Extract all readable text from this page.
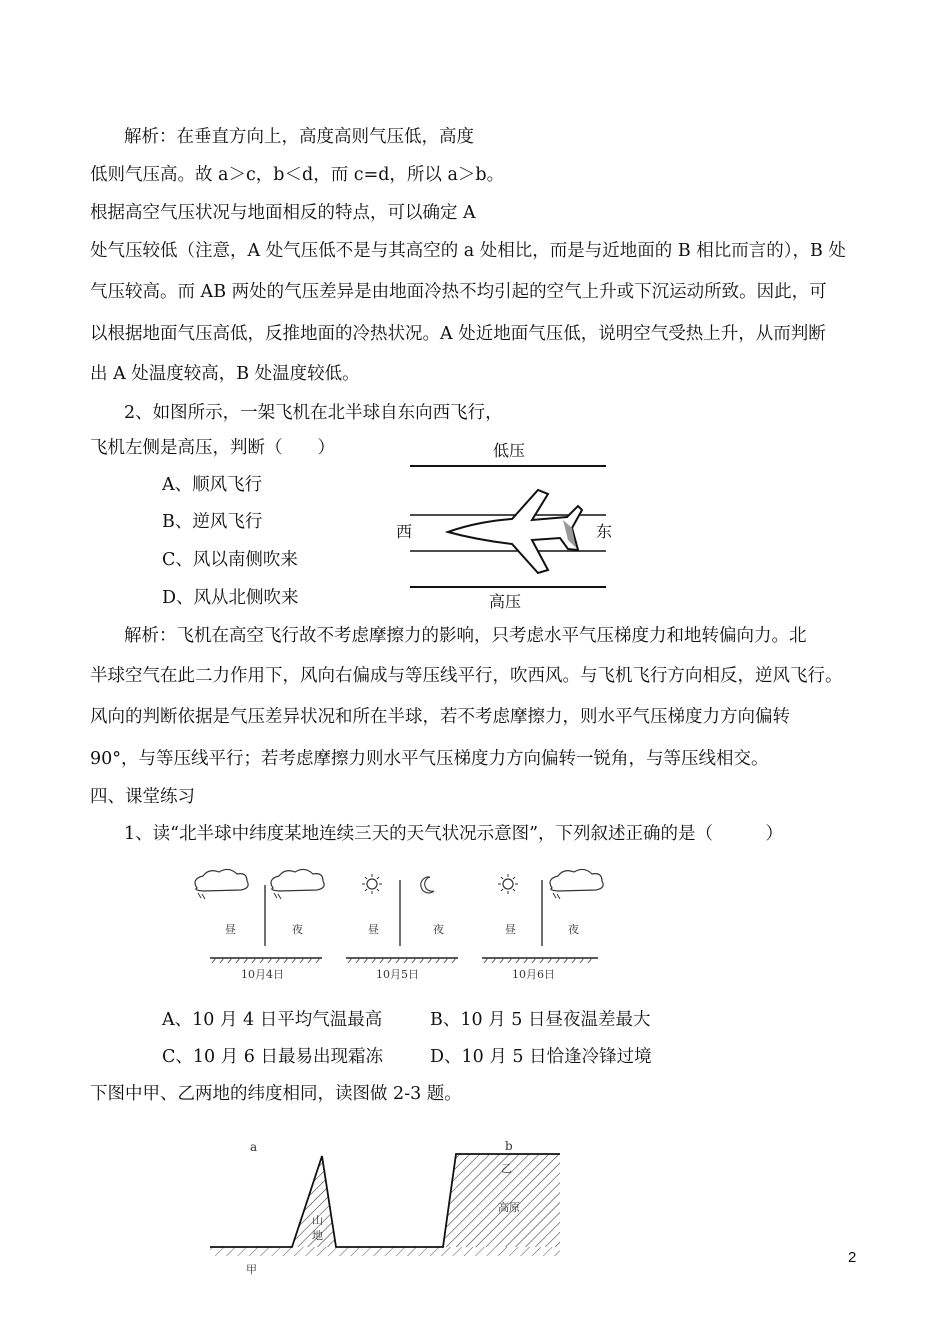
解析：在垂直方向上，高度高则气压低，高度
低则气压高。故 a＞c，b＜d，而 c=d，所以 a＞b。
根据高空气压状况与地面相反的特点，可以确定 A
处气压较低（注意，A 处气压低不是与其高空的 a 处相比，而是与近地面的 B 相比而言的），B 处
气压较高。而 AB 两处的气压差异是由地面冷热不均引起的空气上升或下沉运动所致。因此，可
以根据地面气压高低，反推地面的冷热状况。A 处近地面气压低，说明空气受热上升，从而判断
出 A 处温度较高，B 处温度较低。
2、如图所示，一架飞机在北半球自东向西飞行，
飞机左侧是高压，判断（　　）
A、顺风飞行
B、逆风飞行
C、风以南侧吹来
D、风从北侧吹来
解析：飞机在高空飞行故不考虑摩擦力的影响，只考虑水平气压梯度力和地转偏向力。北
半球空气在此二力作用下，风向右偏成与等压线平行，吹西风。与飞机飞行方向相反，逆风飞行。
风向的判断依据是气压差异状况和所在半球，若不考虑摩擦力，则水平气压梯度力方向偏转
90°，与等压线平行；若考虑摩擦力则水平气压梯度力方向偏转一锐角，与等压线相交。
四、课堂练习
1、读“北半球中纬度某地连续三天的天气状况示意图”，下列叙述正确的是（　　　）
A、10 月 4 日平均气温最高	B、10 月 5 日昼夜温差最大
C、10 月 6 日最易出现霜冻	D、10 月 5 日恰逢冷锋过境
下图中甲、乙两地的纬度相同，读图做 2-3 题。
低压
高压
西	东
昼	夜
10月4日
昼	夜
10月5日
昼	夜
10月6日
a	b
乙
山
地
高原
甲
2
